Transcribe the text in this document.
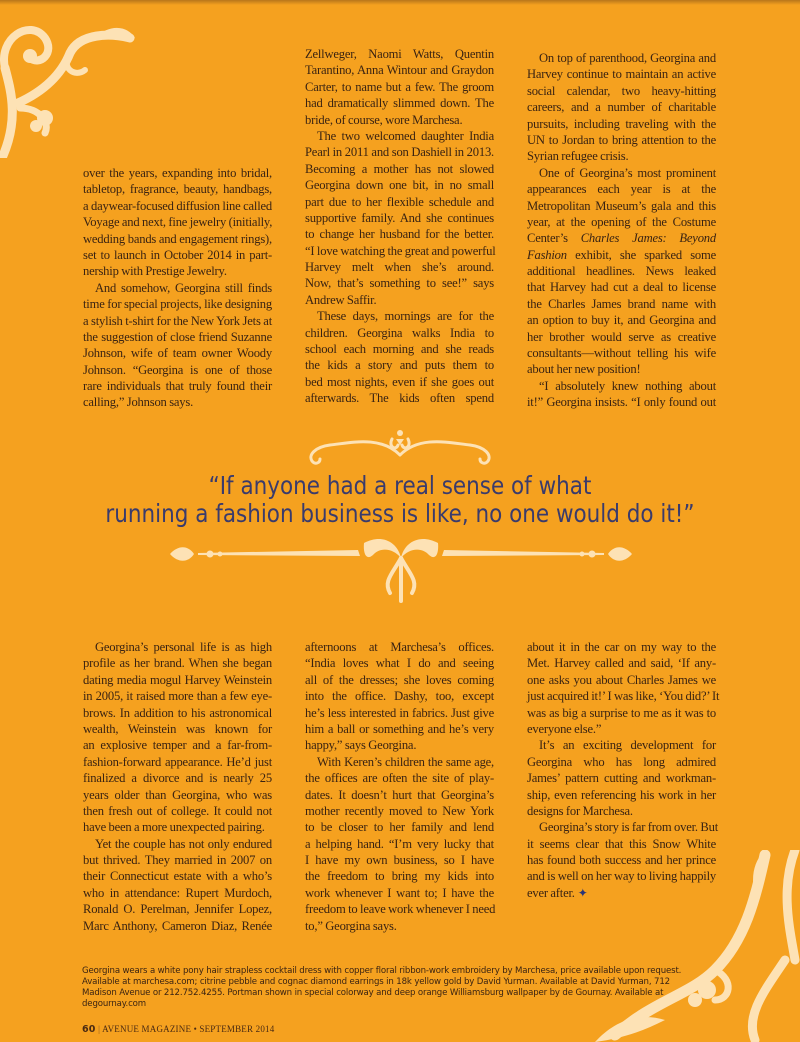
over the years, expanding into bridal,
tabletop, fragrance, beauty, handbags,
a daywear-focused diffusion line called
Voyage and next, fine jewelry (initially,
wedding bands and engagement rings),
set to launch in October 2014 in part-
nership with Prestige Jewelry.
And somehow, Georgina still finds
time for special projects, like designing
a stylish t-shirt for the New York Jets at
the suggestion of close friend Suzanne
Johnson, wife of team owner Woody
Johnson. “Georgina is one of those
rare individuals that truly found their
calling,” Johnson says.
Zellweger, Naomi Watts, Quentin
Tarantino, Anna Wintour and Graydon
Carter, to name but a few. The groom
had dramatically slimmed down. The
bride, of course, wore Marchesa.
The two welcomed daughter India
Pearl in 2011 and son Dashiell in 2013.
Becoming a mother has not slowed
Georgina down one bit, in no small
part due to her flexible schedule and
supportive family. And she continues
to change her husband for the better.
“I love watching the great and powerful
Harvey melt when she’s around.
Now, that’s something to see!” says
Andrew Saffir.
These days, mornings are for the
children. Georgina walks India to
school each morning and she reads
the kids a story and puts them to
bed most nights, even if she goes out
afterwards. The kids often spend
On top of parenthood, Georgina and
Harvey continue to maintain an active
social calendar, two heavy-hitting
careers, and a number of charitable
pursuits, including traveling with the
UN to Jordan to bring attention to the
Syrian refugee crisis.
One of Georgina’s most prominent
appearances each year is at the
Metropolitan Museum’s gala and this
year, at the opening of the Costume
Center’s Charles James: Beyond
Fashion exhibit, she sparked some
additional headlines. News leaked
that Harvey had cut a deal to license
the Charles James brand name with
an option to buy it, and Georgina and
her brother would serve as creative
consultants—without telling his wife
about her new position!
“I absolutely knew nothing about
it!” Georgina insists. “I only found out
“If anyone had a real sense of what
running a fashion business is like, no one would do it!”
Georgina’s personal life is as high
profile as her brand. When she began
dating media mogul Harvey Weinstein
in 2005, it raised more than a few eye-
brows. In addition to his astronomical
wealth, Weinstein was known for
an explosive temper and a far-from-
fashion-forward appearance. He’d just
finalized a divorce and is nearly 25
years older than Georgina, who was
then fresh out of college. It could not
have been a more unexpected pairing.
Yet the couple has not only endured
but thrived. They married in 2007 on
their Connecticut estate with a who’s
who in attendance: Rupert Murdoch,
Ronald O. Perelman, Jennifer Lopez,
Marc Anthony, Cameron Diaz, Renée
afternoons at Marchesa’s offices.
“India loves what I do and seeing
all of the dresses; she loves coming
into the office. Dashy, too, except
he’s less interested in fabrics. Just give
him a ball or something and he’s very
happy,” says Georgina.
With Keren’s children the same age,
the offices are often the site of play-
dates. It doesn’t hurt that Georgina’s
mother recently moved to New York
to be closer to her family and lend
a helping hand. “I’m very lucky that
I have my own business, so I have
the freedom to bring my kids into
work whenever I want to; I have the
freedom to leave work whenever I need
to,” Georgina says.
about it in the car on my way to the
Met. Harvey called and said, ‘If any-
one asks you about Charles James we
just acquired it!’ I was like, ‘You did?’ It
was as big a surprise to me as it was to
everyone else.”
It’s an exciting development for
Georgina who has long admired
James’ pattern cutting and workman-
ship, even referencing his work in her
designs for Marchesa.
Georgina’s story is far from over. But
it seems clear that this Snow White
has found both success and her prince
and is well on her way to living happily
ever after. ✦
Georgina wears a white pony hair strapless cocktail dress with copper floral ribbon-work embroidery by Marchesa, price available upon request. Available at marchesa.com; citrine pebble and cognac diamond earrings in 18k yellow gold by David Yurman. Available at David Yurman, 712 Madison Avenue or 212.752.4255. Portman shown in special colorway and deep orange Williamsburg wallpaper by de Gournay. Available at degournay.com
60 | AVENUE MAGAZINE • SEPTEMBER 2014
